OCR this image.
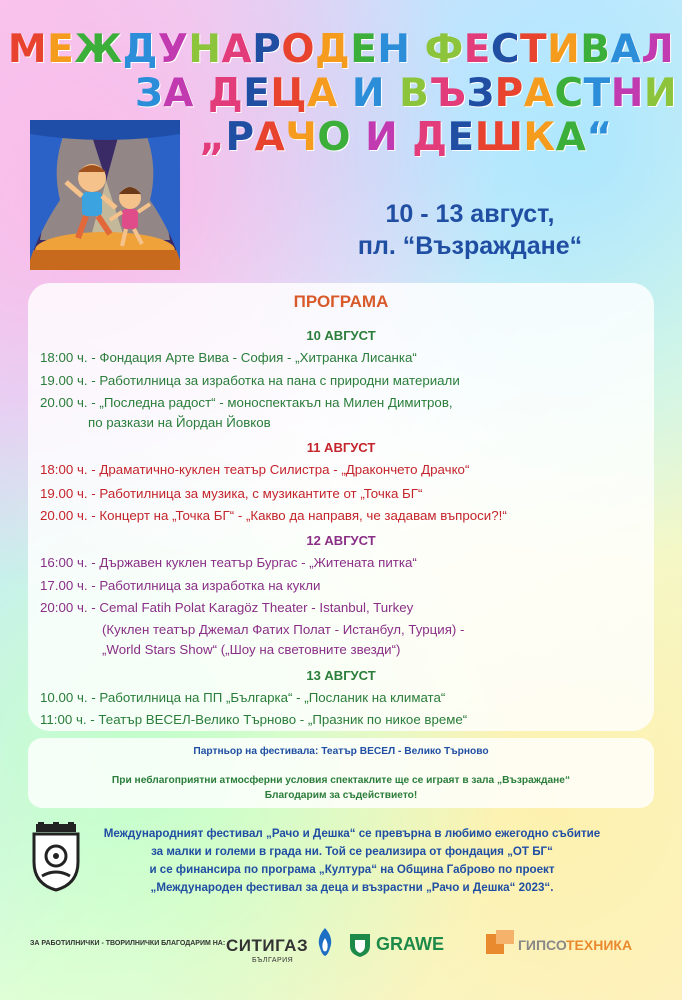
МЕЖДУНАРОДЕН ФЕСТИВАЛ
ЗА ДЕЦА И ВЪЗРАСТНИ
„РАЧО И ДЕШКА“
10 - 13 август,
пл. “Възраждане“
ПРОГРАМА
10 АВГУСТ
18:00 ч. - Фондация Арте Вива - София - „Хитранка Лисанка“
19.00 ч. - Работилница за изработка на пана с природни материали
20.00 ч. - „Последна радост“ - моноспектакъл на Милен Димитров,
по разкази на Йордан Йовков
11 АВГУСТ
18:00 ч. - Драматично-куклен театър Силистра - „Дракончето Драчко“
19.00 ч. - Работилница за музика, с музикантите от „Точка БГ“
20.00 ч. - Концерт на „Точка БГ“ - „Какво да направя, че задавам въпроси?!“
12 АВГУСТ
16:00 ч. - Държавен куклен театър Бургас - „Житената питка“
17.00 ч. - Работилница за изработка на кукли
20:00 ч. - Cemal Fatih Polat Karagöz Theater - Istanbul, Turkey
(Куклен театър Джемал Фатих Полат - Истанбул, Турция) -
„World Stars Show“ („Шоу на световните звезди“)
13 АВГУСТ
10.00 ч. - Работилница на ПП „Българка“ - „Посланик на климата“
11:00 ч. - Театър ВЕСЕЛ-Велико Търново - „Празник по никое време“
Партньор на фестивала: Театър ВЕСЕЛ - Велико Търново
При неблагоприятни атмосферни условия спектаклите ще се играят в зала „Възраждане“
Благодарим за съдействието!
Международният фестивал „Рачо и Дешка“ се превърна в любимо ежегодно събитие
за малки и големи в града ни. Той се реализира от фондация „ОТ БГ“
и се финансира по програма „Култура“ на Община Габрово по проект
„Международен фестивал за деца и възрастни „Рачо и Дешка“ 2023“.
ЗА РАБОТИЛНИЧКИ - ТВОРИЛНИЧКИ БЛАГОДАРИМ НА: СИТИГАЗ
БЪЛГАРИЯ
GRAWE	ГИПСО ТЕХНИКА
